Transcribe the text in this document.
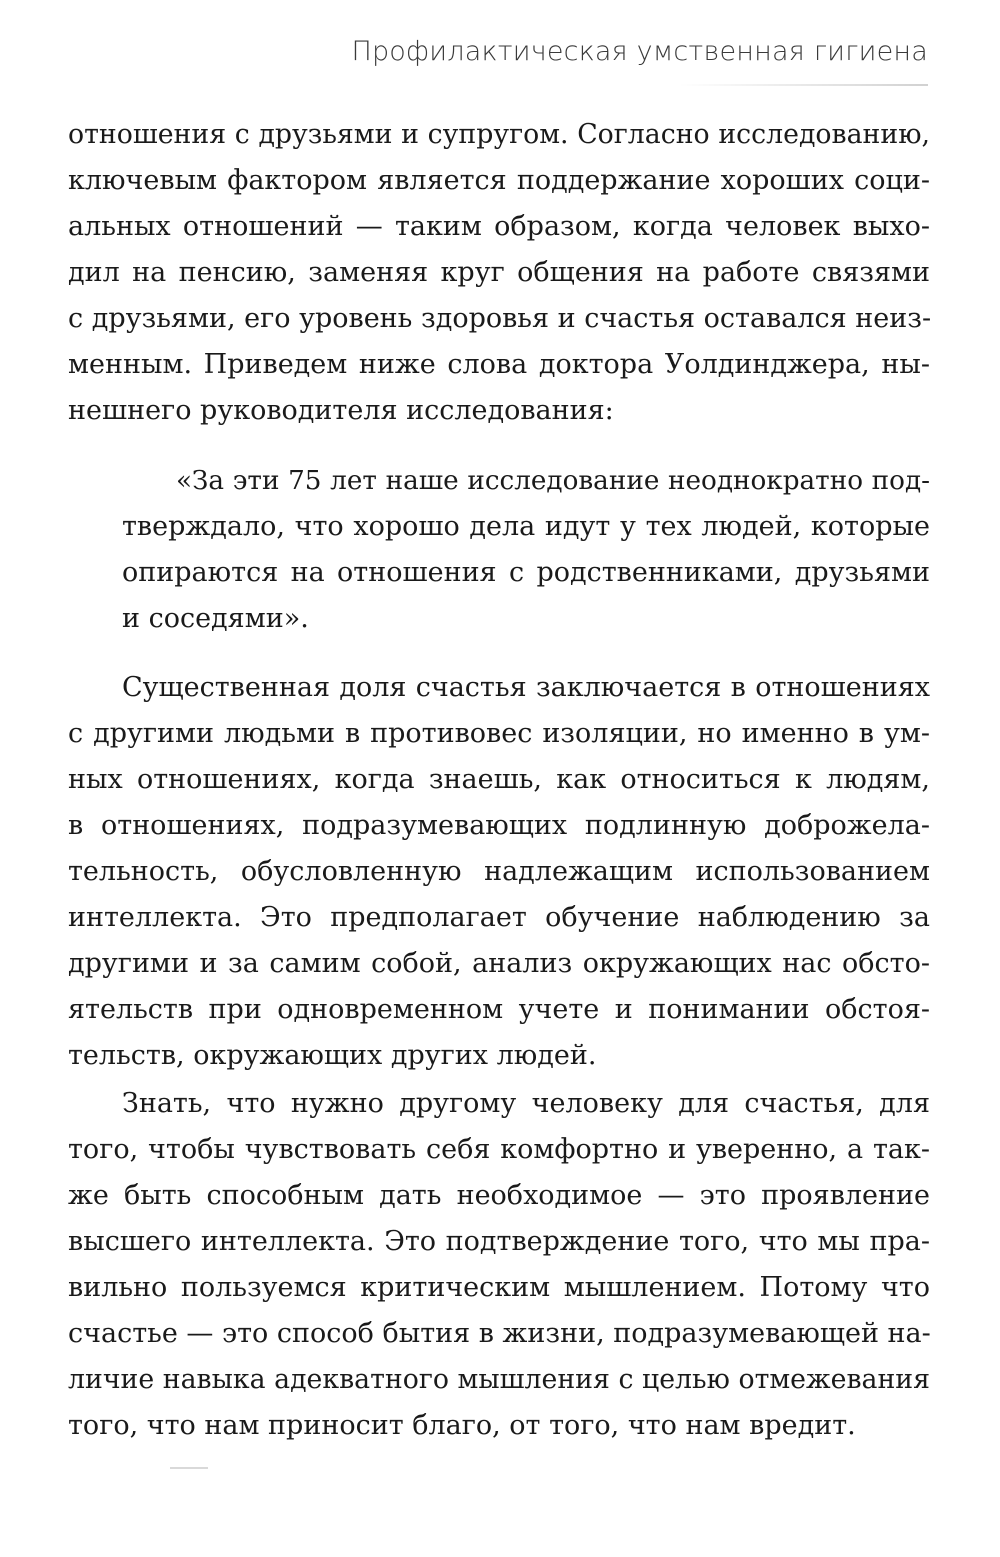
Профилактическая умственная гигиена

отношения с друзьями и супругом. Согласно исследованию,
ключевым фактором является поддержание хороших соци-
альных отношений — таким образом, когда человек выхо-
дил на пенсию, заменяя круг общения на работе связями
с друзьями, его уровень здоровья и счастья оставался неиз-
менным. Приведем ниже слова доктора Уолдинджера, ны-
нешнего руководителя исследования:

«За эти 75 лет наше исследование неоднократно под-
тверждало, что хорошо дела идут у тех людей, которые
опираются на отношения с родственниками, друзьями
и соседями».

Существенная доля счастья заключается в отношениях
с другими людьми в противовес изоляции, но именно в ум-
ных отношениях, когда знаешь, как относиться к людям,
в отношениях, подразумевающих подлинную доброжела-
тельность, обусловленную надлежащим использованием
интеллекта. Это предполагает обучение наблюдению за
другими и за самим собой, анализ окружающих нас обсто-
ятельств при одновременном учете и понимании обстоя-
тельств, окружающих других людей.

Знать, что нужно другому человеку для счастья, для
того, чтобы чувствовать себя комфортно и уверенно, а так-
же быть способным дать необходимое — это проявление
высшего интеллекта. Это подтверждение того, что мы пра-
вильно пользуемся критическим мышлением. Потому что
счастье — это способ бытия в жизни, подразумевающей на-
личие навыка адекватного мышления с целью отмежевания
того, что нам приносит благо, от того, что нам вредит.
